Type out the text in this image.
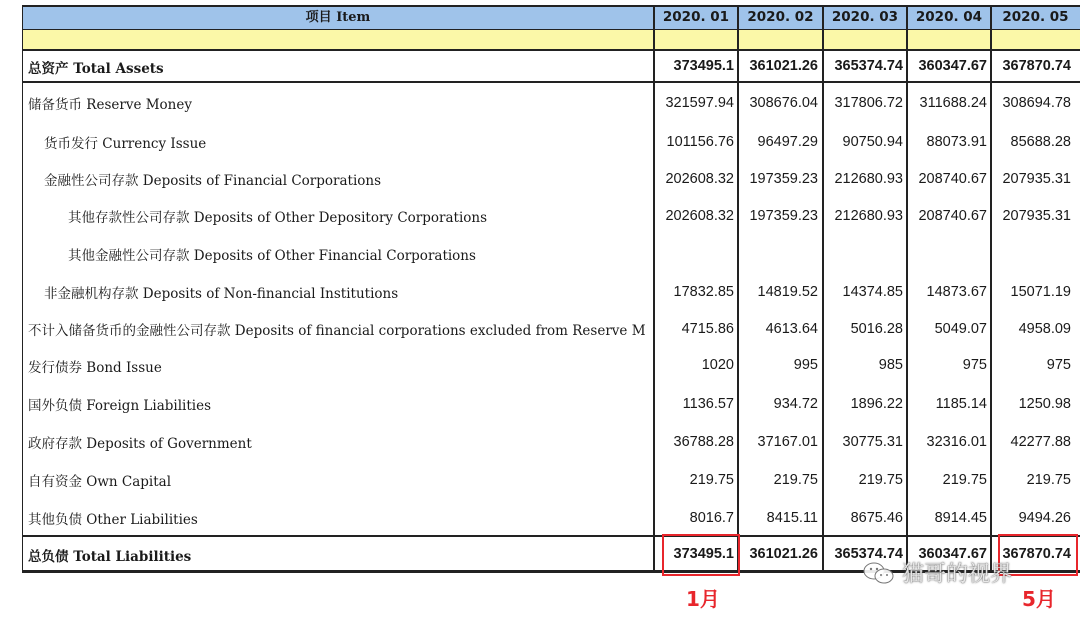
项目 Item	2020. 01	2020. 02	2020. 03	2020. 04	2020. 05
总资产 Total Assets	373495.1	361021.26	365374.74	360347.67	367870.74
储备货币 Reserve Money	321597.94	308676.04	317806.72	311688.24	308694.78
货币发行 Currency Issue	101156.76	96497.29	90750.94	88073.91	85688.28
金融性公司存款 Deposits of Financial Corporations	202608.32	197359.23	212680.93	208740.67	207935.31
其他存款性公司存款 Deposits of Other Depository Corporations	202608.32	197359.23	212680.93	208740.67	207935.31
其他金融性公司存款 Deposits of Other Financial Corporations
非金融机构存款 Deposits of Non-financial Institutions	17832.85	14819.52	14374.85	14873.67	15071.19
不计入储备货币的金融性公司存款 Deposits of financial corporations excluded from Reserve M	4715.86	4613.64	5016.28	5049.07	4958.09
发行债券 Bond Issue	1020	995	985	975	975
国外负债 Foreign Liabilities	1136.57	934.72	1896.22	1185.14	1250.98
政府存款 Deposits of Government	36788.28	37167.01	30775.31	32316.01	42277.88
自有资金 Own Capital	219.75	219.75	219.75	219.75	219.75
其他负债 Other Liabilities	8016.7	8415.11	8675.46	8914.45	9494.26
总负债 Total Liabilities	373495.1	361021.26	365374.74	360347.67	367870.74
1月	5月
猫哥的视界
